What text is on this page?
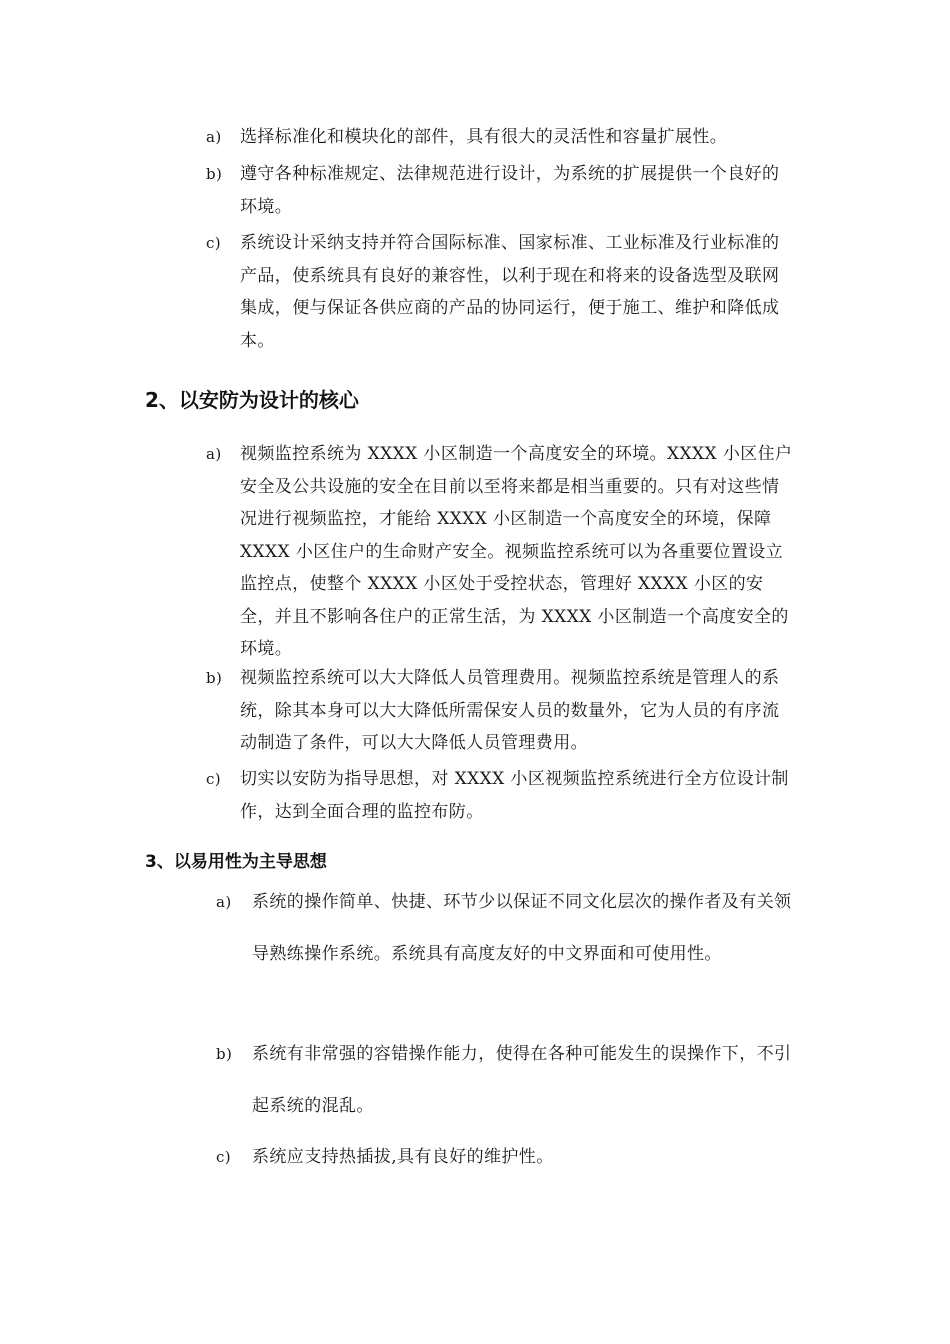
a) 选择标准化和模块化的部件，具有很大的灵活性和容量扩展性。
b) 遵守各种标准规定、法律规范进行设计，为系统的扩展提供一个良好的环境。
c) 系统设计采纳支持并符合国际标准、国家标准、工业标准及行业标准的产品，使系统具有良好的兼容性，以利于现在和将来的设备选型及联网集成，便与保证各供应商的产品的协同运行，便于施工、维护和降低成本。
2、以安防为设计的核心
a) 视频监控系统为 XXXX 小区制造一个高度安全的环境。XXXX 小区住户安全及公共设施的安全在目前以至将来都是相当重要的。只有对这些情况进行视频监控，才能给 XXXX 小区制造一个高度安全的环境，保障 XXXX 小区住户的生命财产安全。视频监控系统可以为各重要位置设立监控点，使整个 XXXX 小区处于受控状态，管理好 XXXX 小区的安全，并且不影响各住户的正常生活，为 XXXX 小区制造一个高度安全的环境。
b) 视频监控系统可以大大降低人员管理费用。视频监控系统是管理人的系统，除其本身可以大大降低所需保安人员的数量外，它为人员的有序流动制造了条件，可以大大降低人员管理费用。
c) 切实以安防为指导思想，对 XXXX 小区视频监控系统进行全方位设计制作，达到全面合理的监控布防。
3、以易用性为主导思想
a) 系统的操作简单、快捷、环节少以保证不同文化层次的操作者及有关领导熟练操作系统。系统具有高度友好的中文界面和可使用性。
b) 系统有非常强的容错操作能力，使得在各种可能发生的误操作下，不引起系统的混乱。
c) 系统应支持热插拔,具有良好的维护性。
